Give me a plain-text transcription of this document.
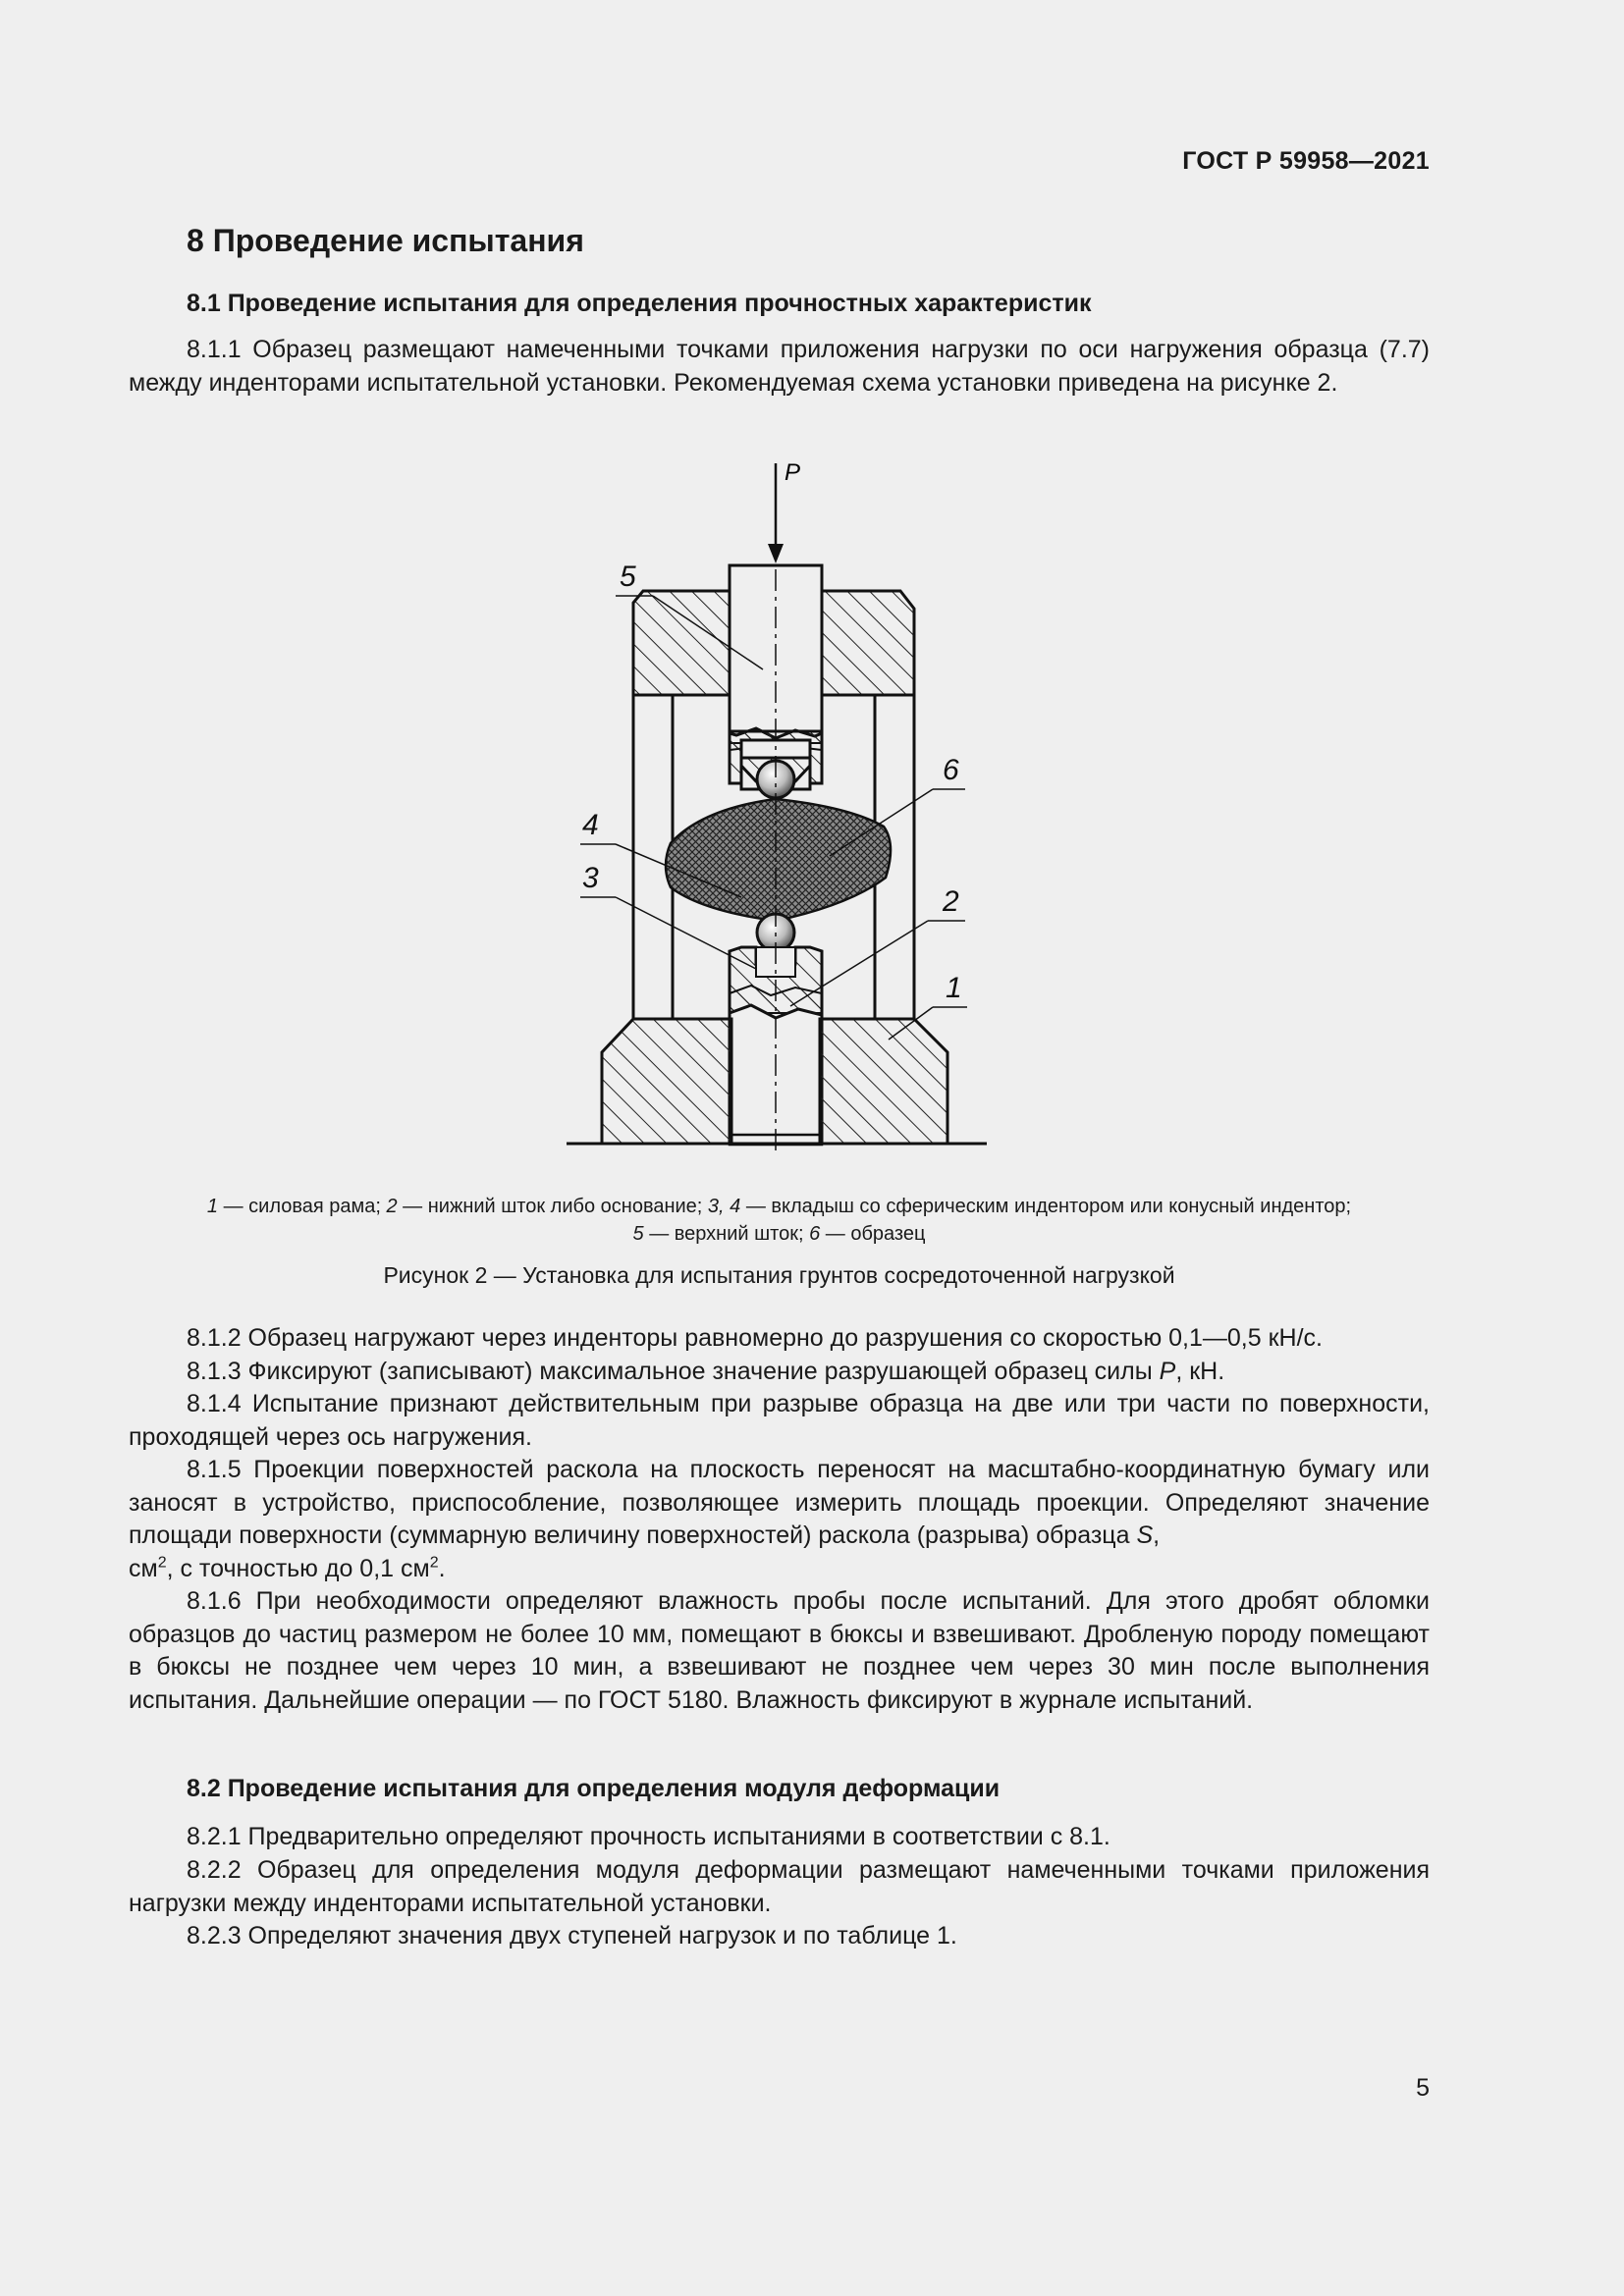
ГОСТ Р 59958—2021
8 Проведение испытания
8.1 Проведение испытания для определения прочностных характеристик

8.1.1 Образец размещают намеченными точками приложения нагрузки по оси нагружения образца (7.7) между инденторами испытательной установки. Рекомендуемая схема установки приведена на рисунке 2.

P
5
6
4
3
2
1

1 — силовая рама; 2 — нижний шток либо основание; 3, 4 — вкладыш со сферическим индентором или конусный индентор;
5 — верхний шток; 6 — образец

Рисунок 2 — Установка для испытания грунтов сосредоточенной нагрузкой

8.1.2 Образец нагружают через инденторы равномерно до разрушения со скоростью 0,1—0,5 кН/с.

8.1.3 Фиксируют (записывают) максимальное значение разрушающей образец силы P, кН.

8.1.4 Испытание признают действительным при разрыве образца на две или три части по поверхности, проходящей через ось нагружения.

8.1.5 Проекции поверхностей раскола на плоскость переносят на масштабно-координатную бумагу или заносят в устройство, приспособление, позволяющее измерить площадь проекции. Определяют значение площади поверхности (суммарную величину поверхностей) раскола (разрыва) образца S,
$см^2$, с точностью до 0,1 $см^2$.

8.1.6 При необходимости определяют влажность пробы после испытаний. Для этого дробят обломки образцов до частиц размером не более 10 мм, помещают в бюксы и взвешивают. Дробленую породу помещают в бюксы не позднее чем через 10 мин, а взвешивают не позднее чем через 30 мин после выполнения испытания. Дальнейшие операции — по ГОСТ 5180. Влажность фиксируют в журнале испытаний.

8.2 Проведение испытания для определения модуля деформации

8.2.1 Предварительно определяют прочность испытаниями в соответствии с 8.1.

8.2.2 Образец для определения модуля деформации размещают намеченными точками приложения нагрузки между инденторами испытательной установки.

8.2.3 Определяют значения двух ступеней нагрузок и по таблице 1.

5
